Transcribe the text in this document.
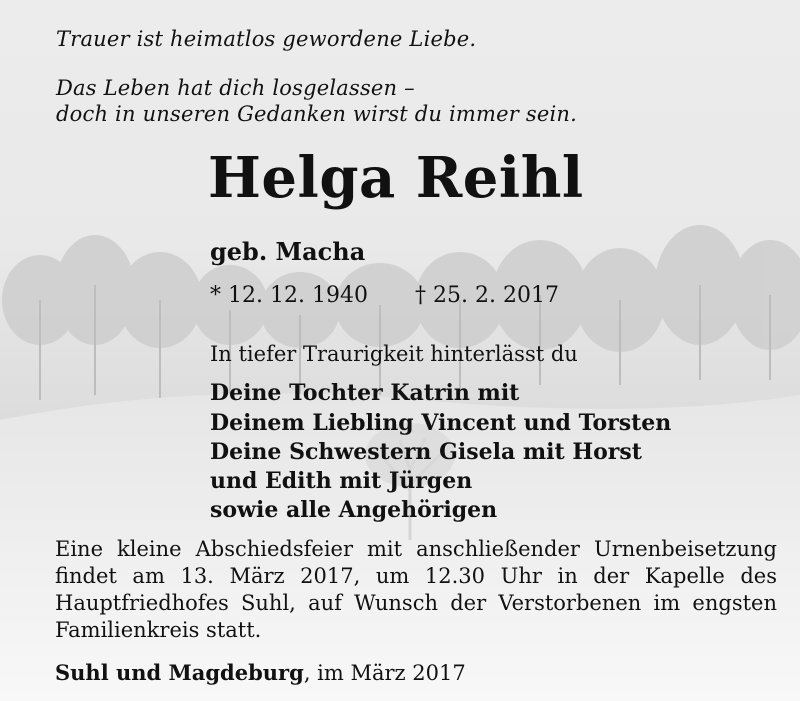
Trauer ist heimatlos gewordene Liebe.

Das Leben hat dich losgelassen –

doch in unseren Gedanken wirst du immer sein.

Helga Reihl

geb. Macha

* 12. 12. 1940 † 25. 2. 2017

In tiefer Traurigkeit hinterlässt du

Deine Tochter Katrin mit

Deinem Liebling Vincent und Torsten

Deine Schwestern Gisela mit Horst

und Edith mit Jürgen

sowie alle Angehörigen

Eine kleine Abschiedsfeier mit anschließender Urnenbeisetzung
findet am 13. März 2017, um 12.30 Uhr in der Kapelle des
Hauptfriedhofes Suhl, auf Wunsch der Verstorbenen im engsten
Familienkreis statt.

Suhl und Magdeburg, im März 2017
